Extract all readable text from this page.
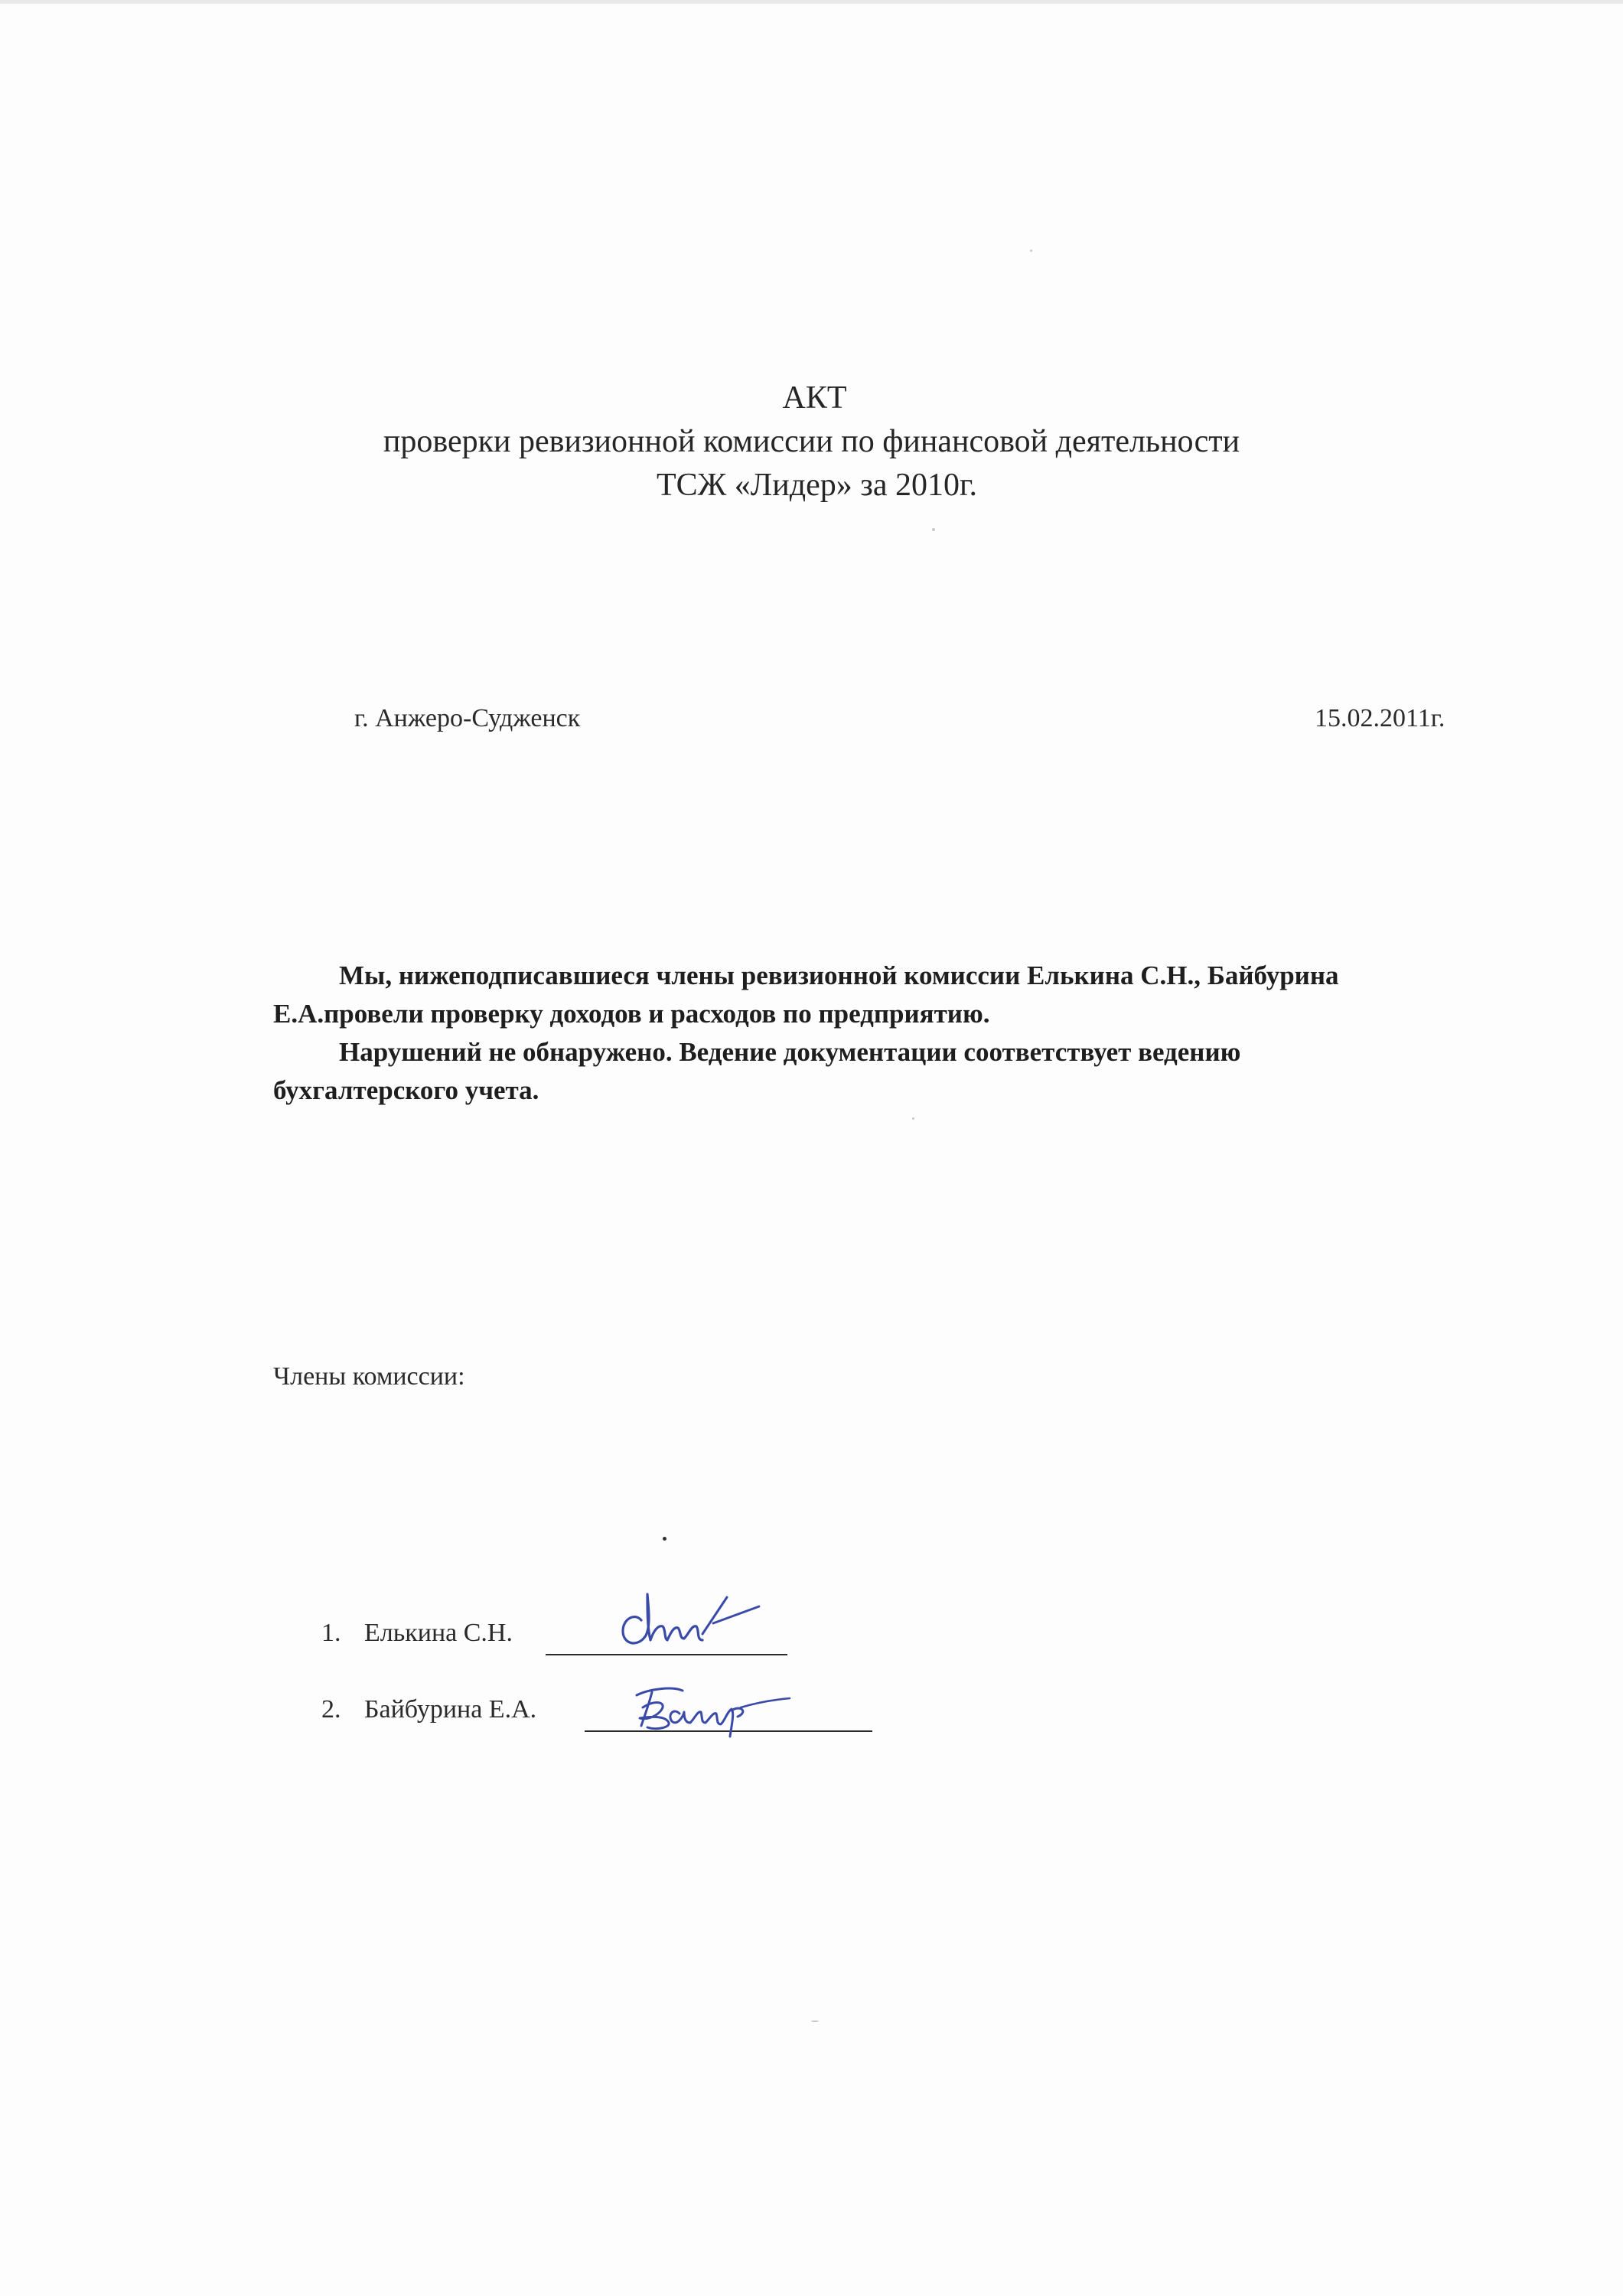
АКТ
проверки ревизионной комиссии по финансовой деятельности
ТСЖ «Лидер» за 2010г.
г. Анжеро-Судженск	15.02.2011г.

Мы, нижеподписавшиеся члены ревизионной комиссии Елькина С.Н., Байбурина

Е.А.провели проверку доходов и расходов по предприятию.

Нарушений не обнаружено. Ведение документации соответствует ведению

бухгалтерского учета.

Члены комиссии:
1. Елькина С.Н.
2. Байбурина Е.А.
